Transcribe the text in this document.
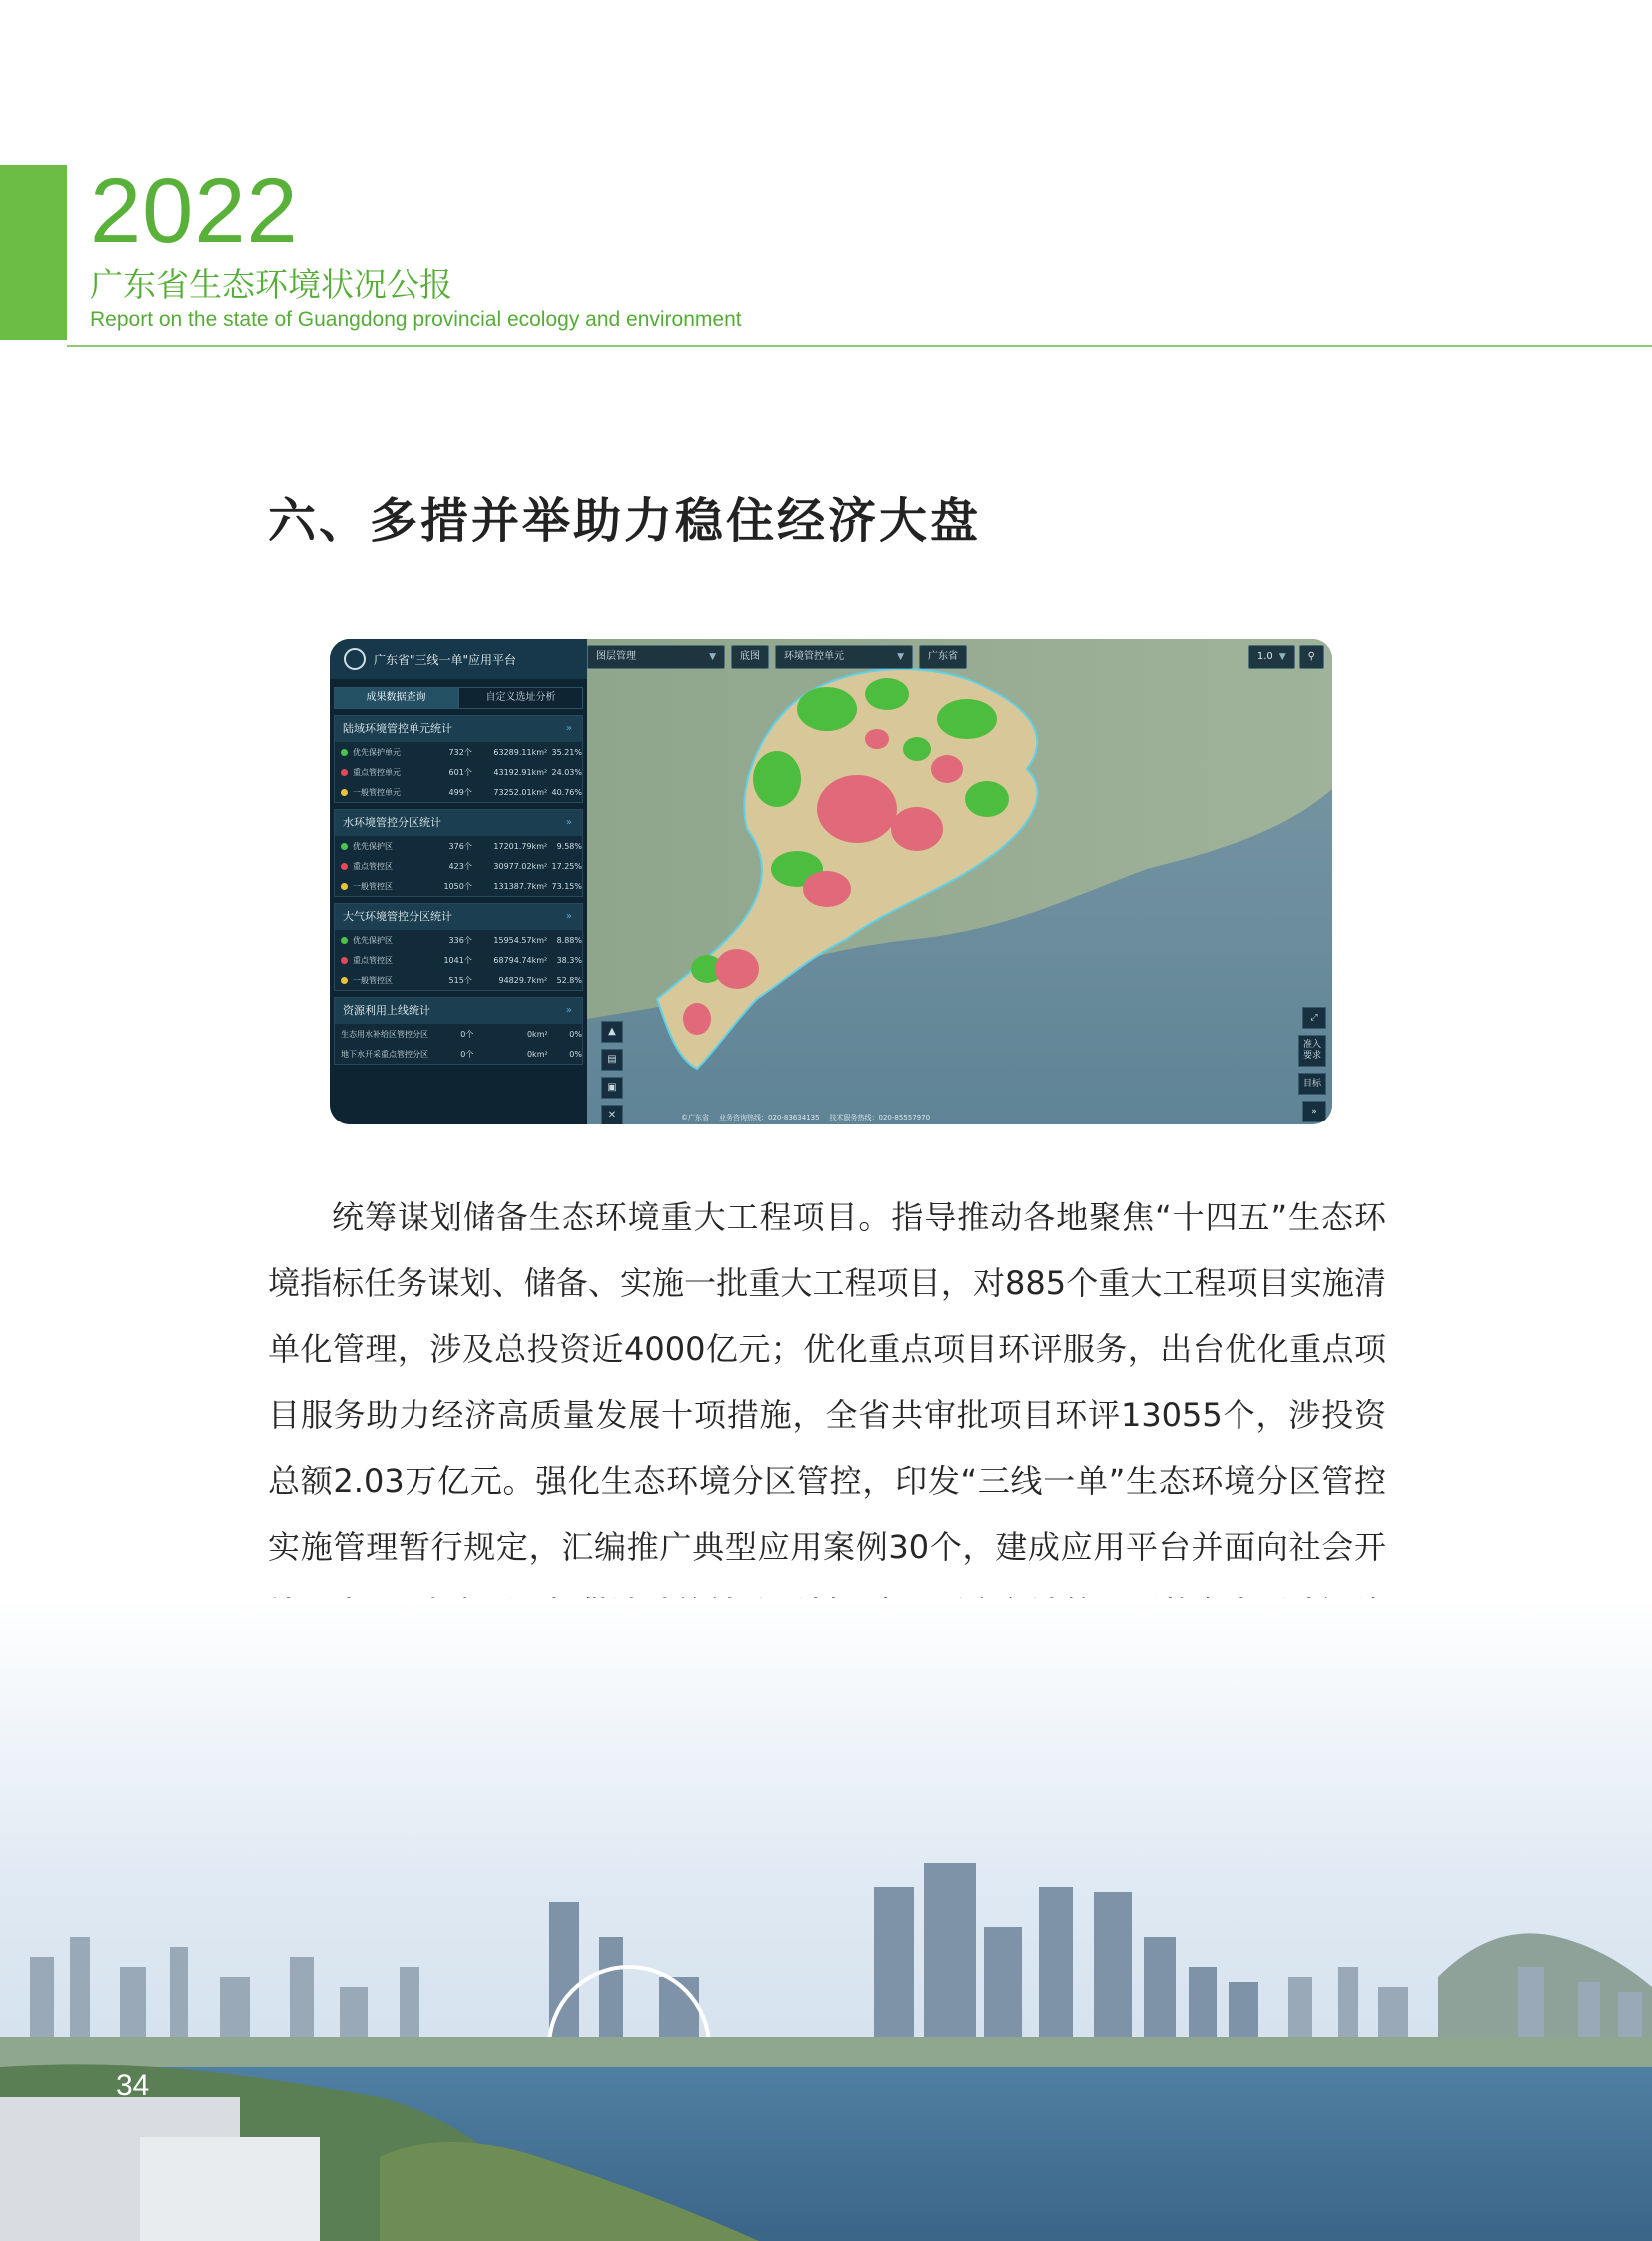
2022
广东省生态环境状况公报
Report on the state of Guangdong provincial ecology and environment
六、多措并举助力稳住经济大盘
广东省"三线一单"应用平台
成果数据查询	自定义选址分析
陆域环境管控单元统计	»
优先保护单元	732个	63289.11km² 35.21%
重点管控单元	601个	43192.91km² 24.03%
一般管控单元	499个	73252.01km² 40.76%
水环境管控分区统计	»
优先保护区	376个	17201.79km²	9.58%
重点管控区	423个	30977.02km² 17.25%
一般管控区	1050个	131387.7km² 73.15%
大气环境管控分区统计	»
优先保护区	336个	15954.57km²	8.88%
重点管控区	1041个	68794.74km²	38.3%
一般管控区	515个	94829.7km²	52.8%
资源利用上线统计	»
生态用水补给区管控分区	0个	0km²	0%
地下水开采重点管控分区	0个	0km²	0%
图层管理	▼ 底图 环境管控单元	▼ 广东省	1.0 ▼ ⚲
▲
▤
▣
✕
⤢
准入要求
目标
»
©广东省 业务咨询热线：020-83634135 技术服务热线：020-85557970

统筹谋划储备生态环境重大工程项目。指导推动各地聚焦“十四五”生态环境指标任务谋划、储备、实施一批重大工程项目，对885个重大工程项目实施清单化管理，涉及总投资近4000亿元；优化重点项目环评服务，出台优化重点项目服务助力经济高质量发展十项措施，全省共审批项目环评13055个，涉投资总额2.03万亿元。强化生态环境分区管控，印发“三线一单”生态环境分区管控实施管理暂行规定，汇编推广典型应用案例30个，建成应用平台并面向社会开

34
